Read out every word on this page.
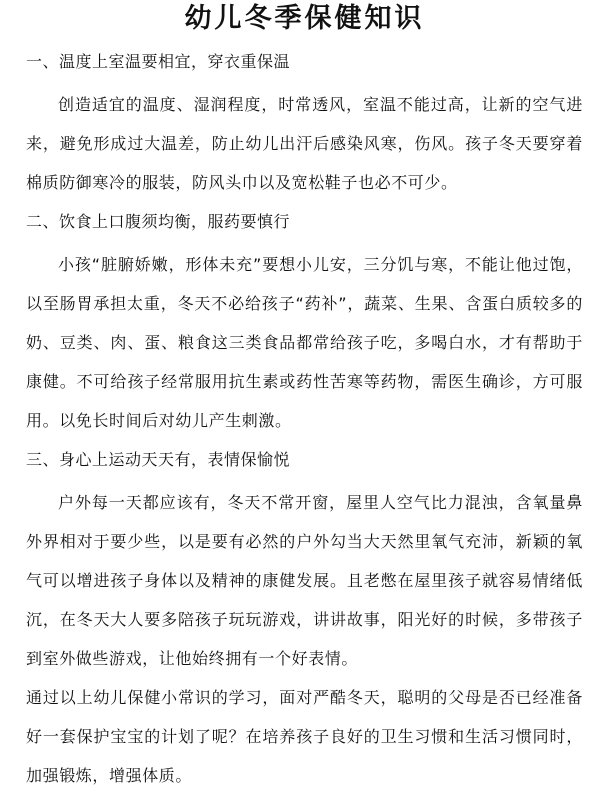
幼儿冬季保健知识
一、温度上室温要相宜，穿衣重保温

创造适宜的温度、湿润程度，时常透风，室温不能过高，让新的空气进来，避免形成过大温差，防止幼儿出汗后感染风寒，伤风。孩子冬天要穿着棉质防御寒冷的服装，防风头巾以及宽松鞋子也必不可少。

二、饮食上口腹须均衡，服药要慎行

小孩“脏腑娇嫩，形体未充”要想小儿安，三分饥与寒，不能让他过饱，以至肠胃承担太重，冬天不必给孩子“药补”，蔬菜、生果、含蛋白质较多的奶、豆类、肉、蛋、粮食这三类食品都常给孩子吃，多喝白水，才有帮助于康健。不可给孩子经常服用抗生素或药性苦寒等药物，需医生确诊，方可服用。以免长时间后对幼儿产生刺激。

三、身心上运动天天有，表情保愉悦

户外每一天都应该有，冬天不常开窗，屋里人空气比力混浊，含氧量鼻外界相对于要少些，以是要有必然的户外勾当大天然里氧气充沛，新颖的氧气可以增进孩子身体以及精神的康健发展。且老憋在屋里孩子就容易情绪低沉，在冬天大人要多陪孩子玩玩游戏，讲讲故事，阳光好的时候，多带孩子到室外做些游戏，让他始终拥有一个好表情。

通过以上幼儿保健小常识的学习，面对严酷冬天，聪明的父母是否已经准备好一套保护宝宝的计划了呢？在培养孩子良好的卫生习惯和生活习惯同时，加强锻炼，增强体质。
